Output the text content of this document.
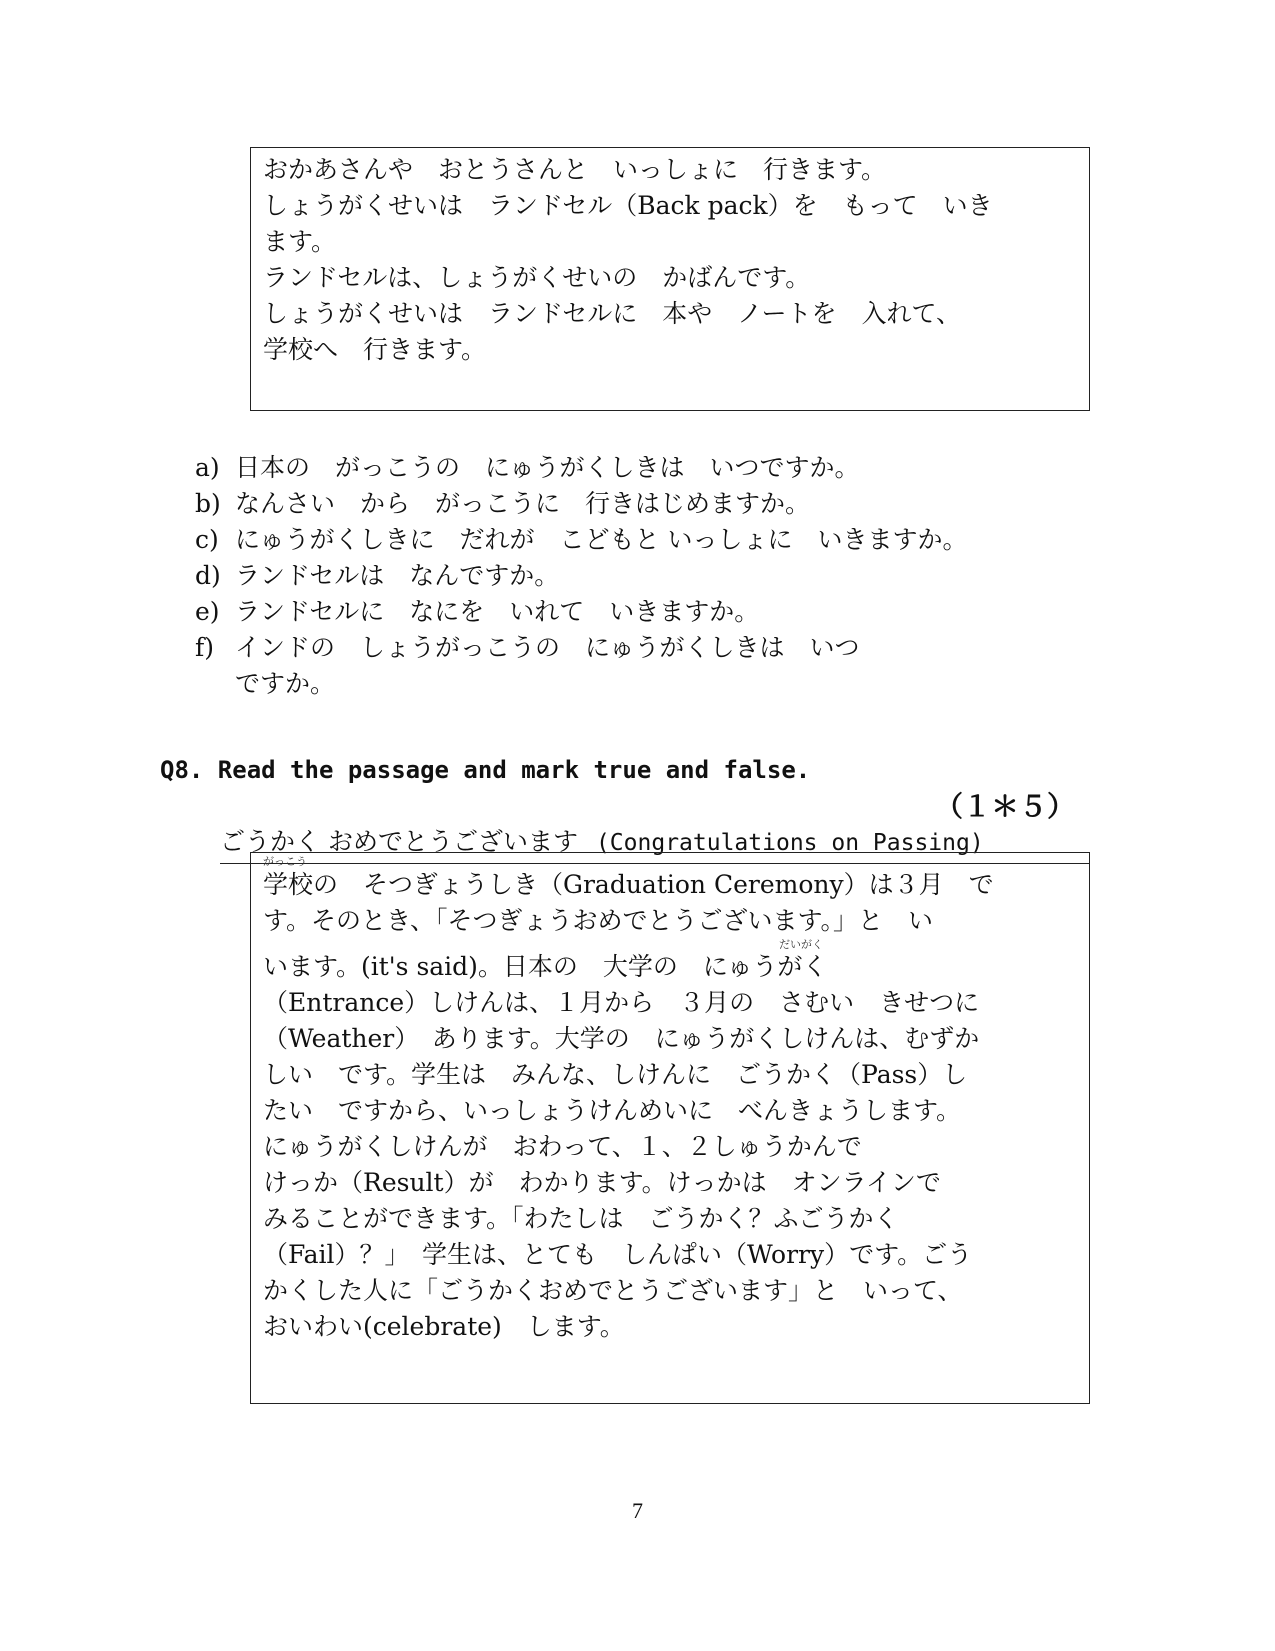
おかあさんや　おとうさんと　いっしょに　行きます。
しょうがくせいは　ランドセル（Back pack）を　もって　いき
ます。
ランドセルは、しょうがくせいの　かばんです。
しょうがくせいは　ランドセルに　本や　ノートを　入れて、
学校へ　行きます。
a) 日本の　がっこうの　にゅうがくしきは　いつですか。
b) なんさい　から　がっこうに　行きはじめますか。
c) にゅうがくしきに　だれが　こどもと いっしょに　いきますか。
d) ランドセルは　なんですか。
e) ランドセルに　なにを　いれて　いきますか。
f) インドの　しょうがっこうの　にゅうがくしきは　いつ
ですか。
Q8. Read the passage and mark true and false.
（１＊５）
ごうかく おめでとうございます (Congratulations on Passing)
がっこう
学校の　そつぎょうしき（Graduation Ceremony）は３月　で
す。そのとき、「そつぎょうおめでとうございます。」と　い
だいがく
います。(it's said)。日本の　大学の　にゅうがく
（Entrance）しけんは、１月から　３月の　さむい　きせつに
（Weather）　あります。大学の　にゅうがくしけんは、むずか
しい　です。学生は　みんな、しけんに　ごうかく（Pass）し
たい　ですから、いっしょうけんめいに　べんきょうします。
にゅうがくしけんが　おわって、１、２しゅうかんで
けっか（Result）が　わかります。けっかは　オンラインで
みることができます。「わたしは　ごうかく？ふごうかく
（Fail）？」　学生は、とても　しんぱい（Worry）です。ごう
かくした人に「ごうかくおめでとうございます」と　いって、
おいわい(celebrate)　します。
7
